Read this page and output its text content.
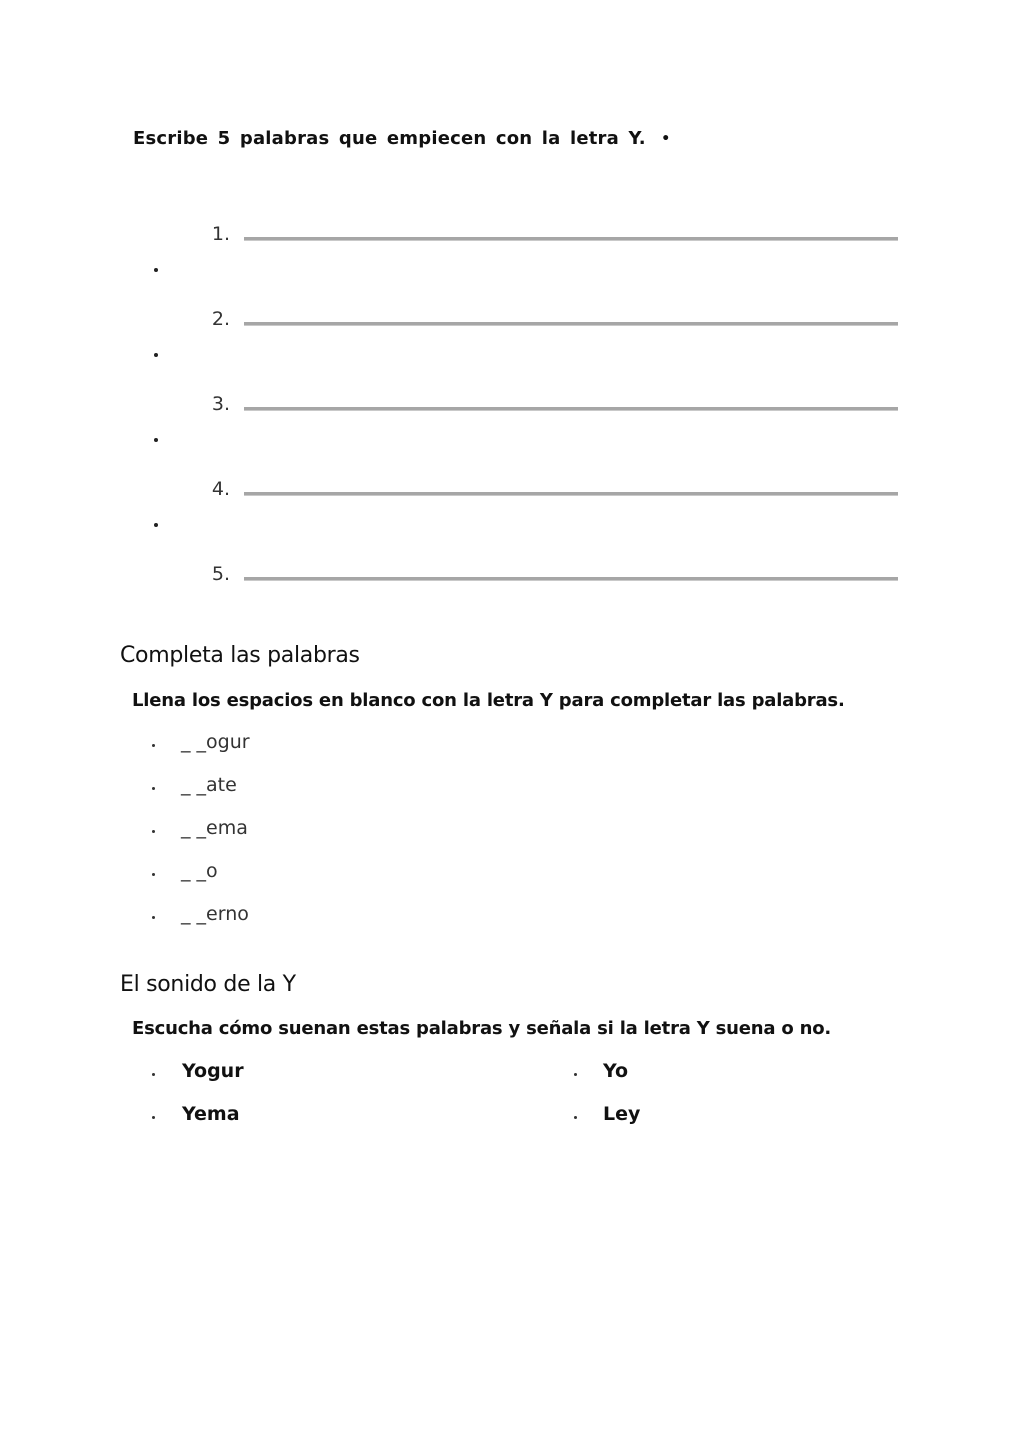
Escribe 5 palabras que empiecen con la letra Y. •
1.
2.
3.
4.
5.
Completa las palabras
Llena los espacios en blanco con la letra Y para completar las palabras.
_ _ogur
_ _ate
_ _ema
_ _o
_ _erno
El sonido de la Y
Escucha cómo suenan estas palabras y señala si la letra Y suena o no.
Yogur
Yema
Yo
Ley
